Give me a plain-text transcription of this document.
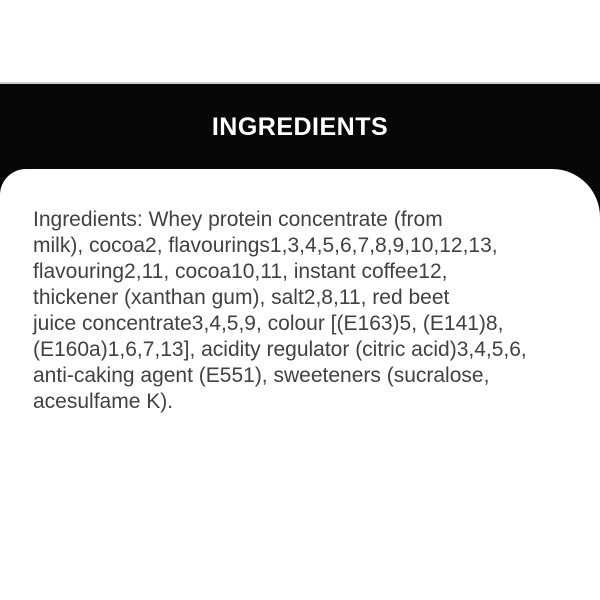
INGREDIENTS
Ingredients: Whey protein concentrate (from
milk), cocoa2, flavourings1,3,4,5,6,7,8,9,10,12,13,
flavouring2,11, cocoa10,11, instant coffee12,
thickener (xanthan gum), salt2,8,11, red beet
juice concentrate3,4,5,9, colour [(E163)5, (E141)8,
(E160a)1,6,7,13], acidity regulator (citric acid)3,4,5,6,
anti-caking agent (E551), sweeteners (sucralose,
acesulfame K).
